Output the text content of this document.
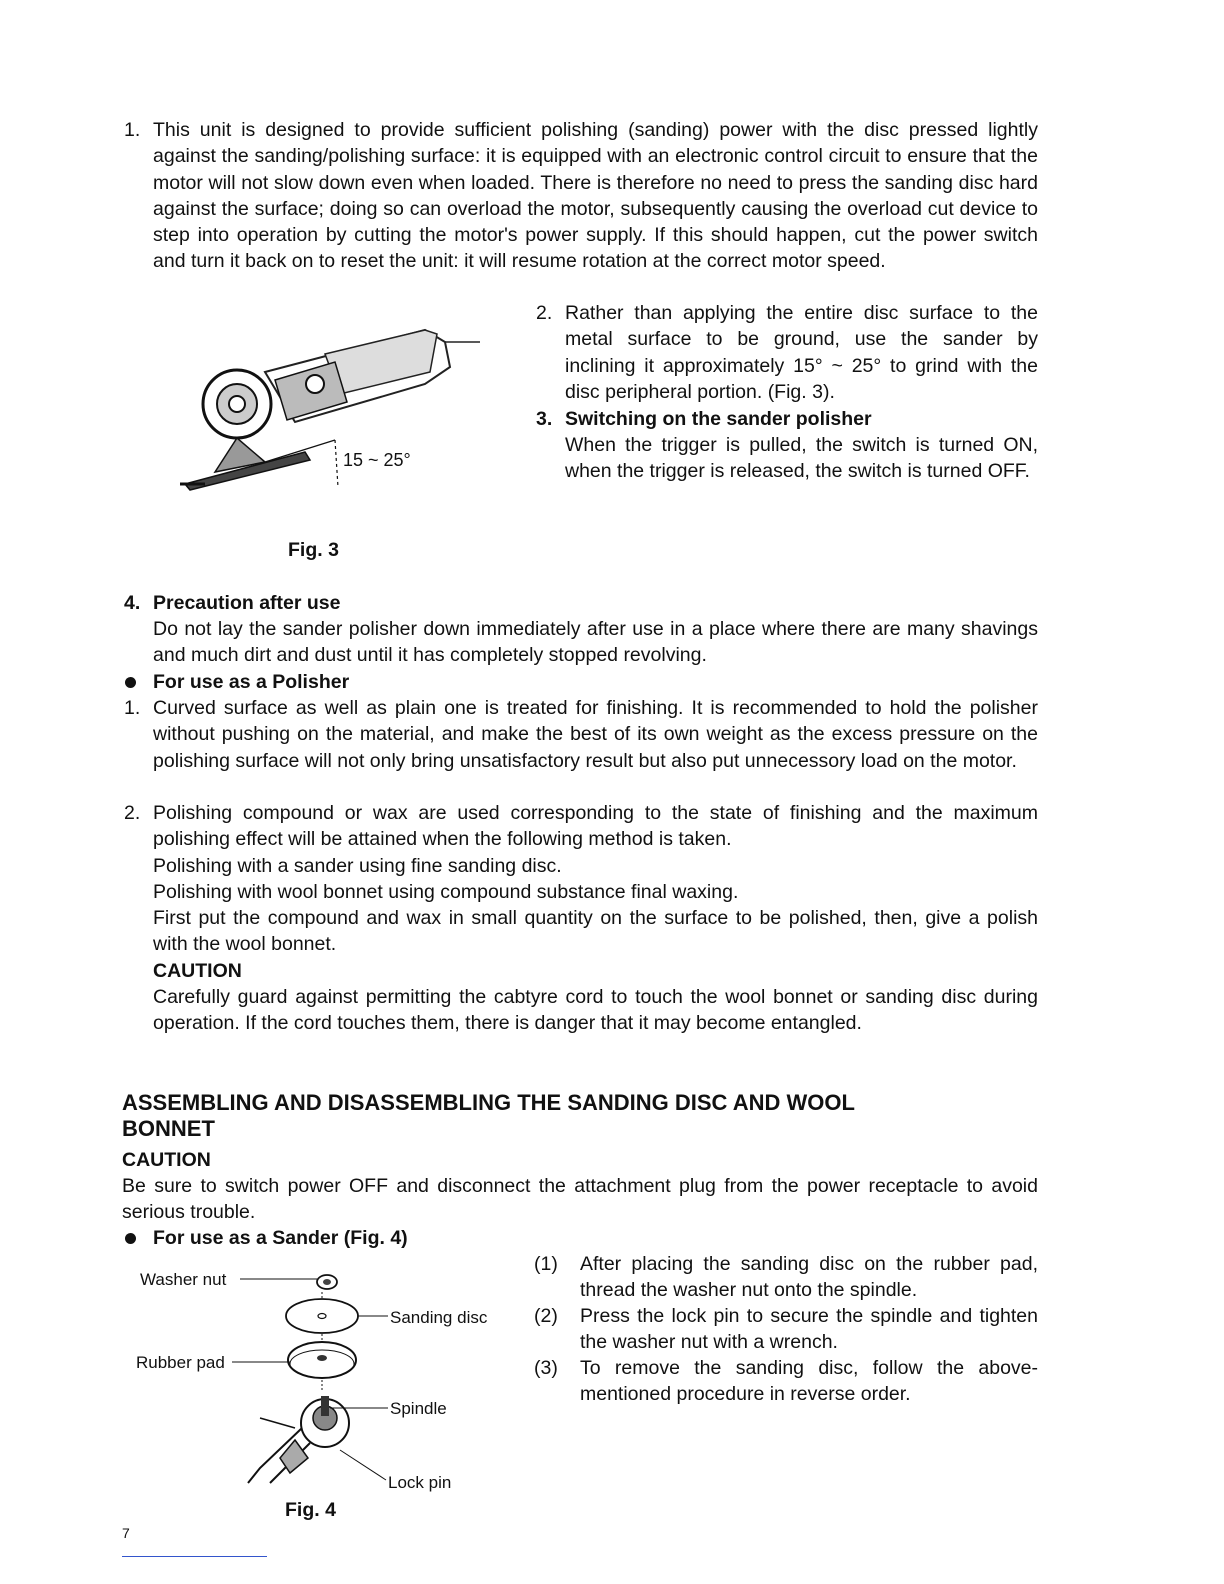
1. This unit is designed to provide sufficient polishing (sanding) power with the disc pressed lightly against the sanding/polishing surface: it is equipped with an electronic control circuit to ensure that the motor will not slow down even when loaded. There is therefore no need to press the sanding disc hard against the surface; doing so can overload the motor, subsequently causing the overload cut device to step into operation by cutting the motor's power supply. If this should happen, cut the power switch and turn it back on to reset the unit: it will resume rotation at the correct motor speed.
15 ~ 25°
Fig. 3
2. Rather than applying the entire disc surface to the metal surface to be ground, use the sander by inclining it approximately 15° ~ 25° to grind with the disc peripheral portion. (Fig. 3).
3. Switching on the sander polisher
When the trigger is pulled, the switch is turned ON, when the trigger is released, the switch is turned OFF.
4. Precaution after use
Do not lay the sander polisher down immediately after use in a place where there are many shavings and much dirt and dust until it has completely stopped revolving.
For use as a Polisher
1. Curved surface as well as plain one is treated for finishing. It is recommended to hold the polisher without pushing on the material, and make the best of its own weight as the excess pressure on the polishing surface will not only bring unsatisfactory result but also put unnecessory load on the motor.
2. Polishing compound or wax are used corresponding to the state of finishing and the maximum polishing effect will be attained when the following method is taken.
Polishing with a sander using fine sanding disc.
Polishing with wool bonnet using compound substance final waxing.
First put the compound and wax in small quantity on the surface to be polished, then, give a polish with the wool bonnet.
CAUTION
Carefully guard against permitting the cabtyre cord to touch the wool bonnet or sanding disc during operation. If the cord touches them, there is danger that it may become entangled.
ASSEMBLING AND DISASSEMBLING THE SANDING DISC AND WOOL
BONNET
CAUTION
Be sure to switch power OFF and disconnect the attachment plug from the power receptacle to avoid serious trouble.
For use as a Sander (Fig. 4)
(1) After placing the sanding disc on the rubber pad, thread the washer nut onto the spindle.
(2) Press the lock pin to secure the spindle and tighten the washer nut with a wrench.
(3) To remove the sanding disc, follow the above-mentioned procedure in reverse order.
Washer nut
Sanding disc
Rubber pad
Spindle
Lock pin
Fig. 4
7
